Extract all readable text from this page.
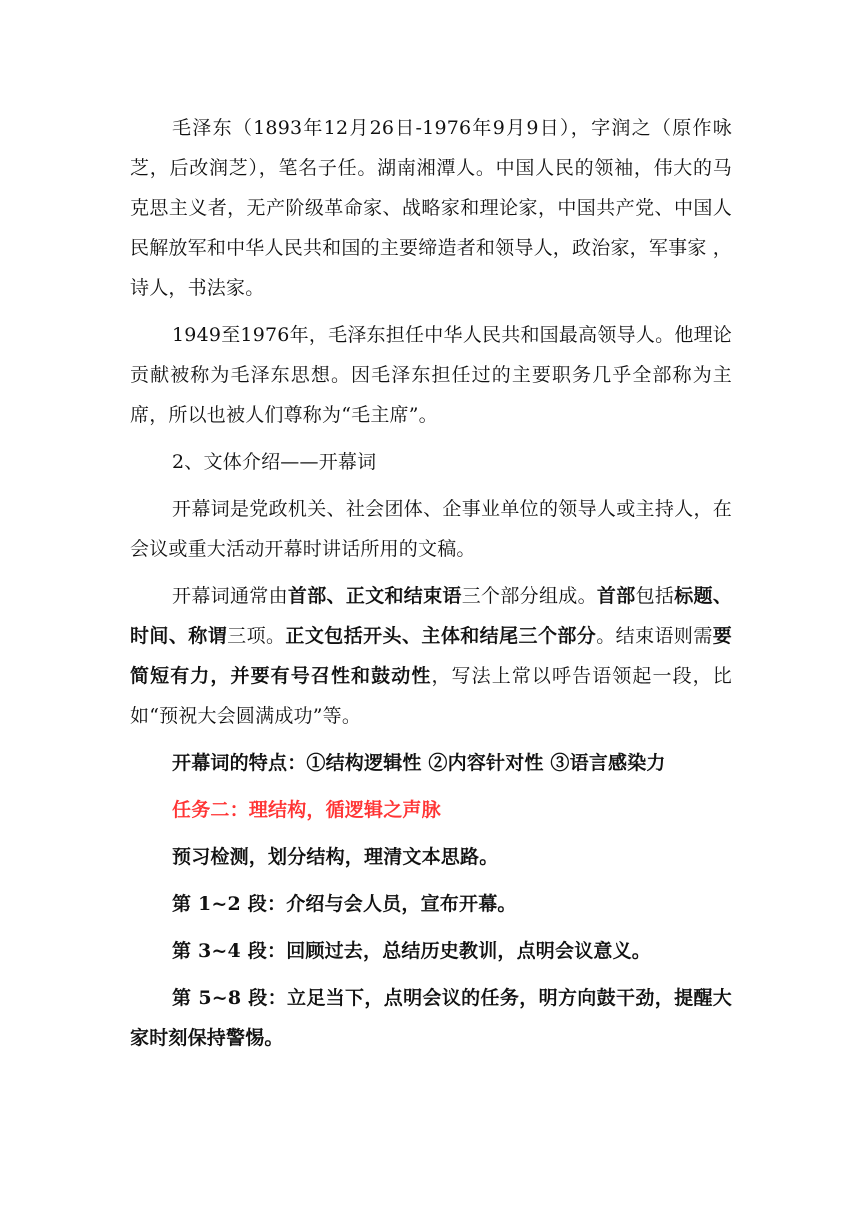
毛泽东（1893年12月26日-1976年9月9日），字润之（原作咏芝，后改润芝），笔名子任。湖南湘潭人。中国人民的领袖，伟大的马克思主义者，无产阶级革命家、战略家和理论家，中国共产党、中国人民解放军和中华人民共和国的主要缔造者和领导人，政治家，军事家 ，诗人，书法家。

1949至1976年，毛泽东担任中华人民共和国最高领导人。他理论贡献被称为毛泽东思想。因毛泽东担任过的主要职务几乎全部称为主席，所以也被人们尊称为“毛主席”。

2、文体介绍——开幕词

开幕词是党政机关、社会团体、企事业单位的领导人或主持人，在会议或重大活动开幕时讲话所用的文稿。

开幕词通常由首部、正文和结束语三个部分组成。首部包括标题、时间、称谓三项。正文包括开头、主体和结尾三个部分。结束语则需要简短有力，并要有号召性和鼓动性，写法上常以呼告语领起一段，比如“预祝大会圆满成功”等。

开幕词的特点：①结构逻辑性 ②内容针对性 ③语言感染力

任务二：理结构，循逻辑之声脉

预习检测，划分结构，理清文本思路。

第 1~2 段：介绍与会人员，宣布开幕。

第 3~4 段：回顾过去，总结历史教训，点明会议意义。

第 5~8 段：立足当下，点明会议的任务，明方向鼓干劲，提醒大家时刻保持警惕。
